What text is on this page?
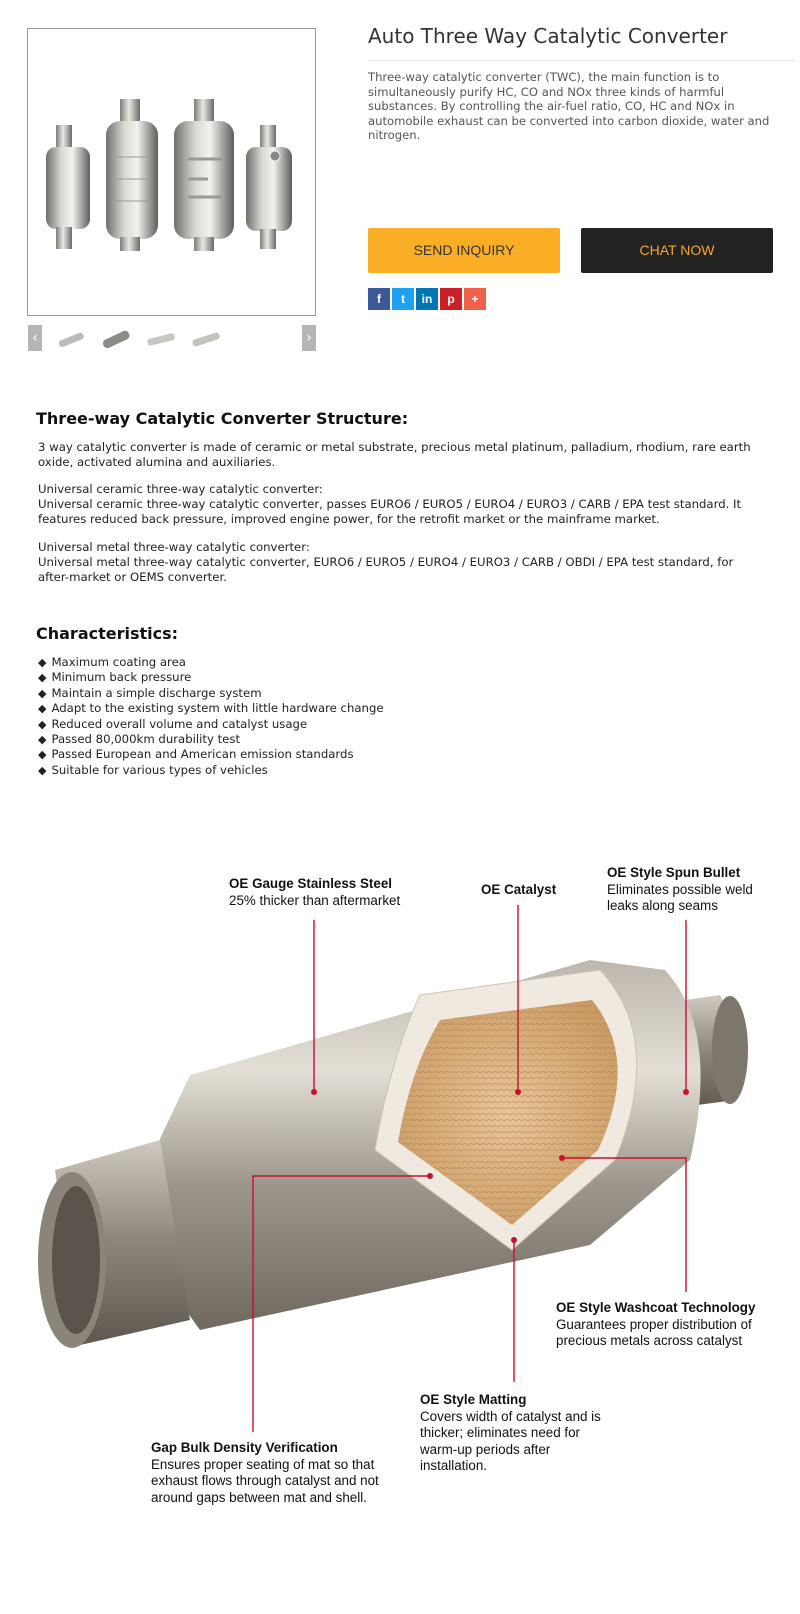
‹	›
Auto Three Way Catalytic Converter

Three-way catalytic converter (TWC), the main function is to simultaneously purify HC, CO and NOx three kinds of harmful substances. By controlling the air-fuel ratio, CO, HC and NOx in automobile exhaust can be converted into carbon dioxide, water and nitrogen.

SEND INQUIRY	CHAT NOW
f	t	in	p	+
Three-way Catalytic Converter Structure:

3 way catalytic converter is made of ceramic or metal substrate, precious metal platinum, palladium, rhodium, rare earth oxide, activated alumina and auxiliaries.

Universal ceramic three-way catalytic converter:

Universal ceramic three-way catalytic converter, passes EURO6 / EURO5 / EURO4 / EURO3 / CARB / EPA test standard. It features reduced back pressure, improved engine power, for the retrofit market or the mainframe market.

Universal metal three-way catalytic converter:

Universal metal three-way catalytic converter, EURO6 / EURO5 / EURO4 / EURO3 / CARB / OBDI / EPA test standard, for after-market or OEMS converter.

Characteristics:
◆ Maximum coating area
◆ Minimum back pressure
◆ Maintain a simple discharge system
◆ Adapt to the existing system with little hardware change
◆ Reduced overall volume and catalyst usage
◆ Passed 80,000km durability test
◆ Passed European and American emission standards
◆ Suitable for various types of vehicles
OE Gauge Stainless Steel
25% thicker than aftermarket
OE Catalyst
OE Style Spun Bullet
Eliminates possible weld leaks along seams
OE Style Washcoat Technology
Guarantees proper distribution of precious metals across catalyst
OE Style Matting
Covers width of catalyst and is thicker; eliminates need for warm-up periods after installation.
Gap Bulk Density Verification
Ensures proper seating of mat so that exhaust flows through catalyst and not around gaps between mat and shell.
